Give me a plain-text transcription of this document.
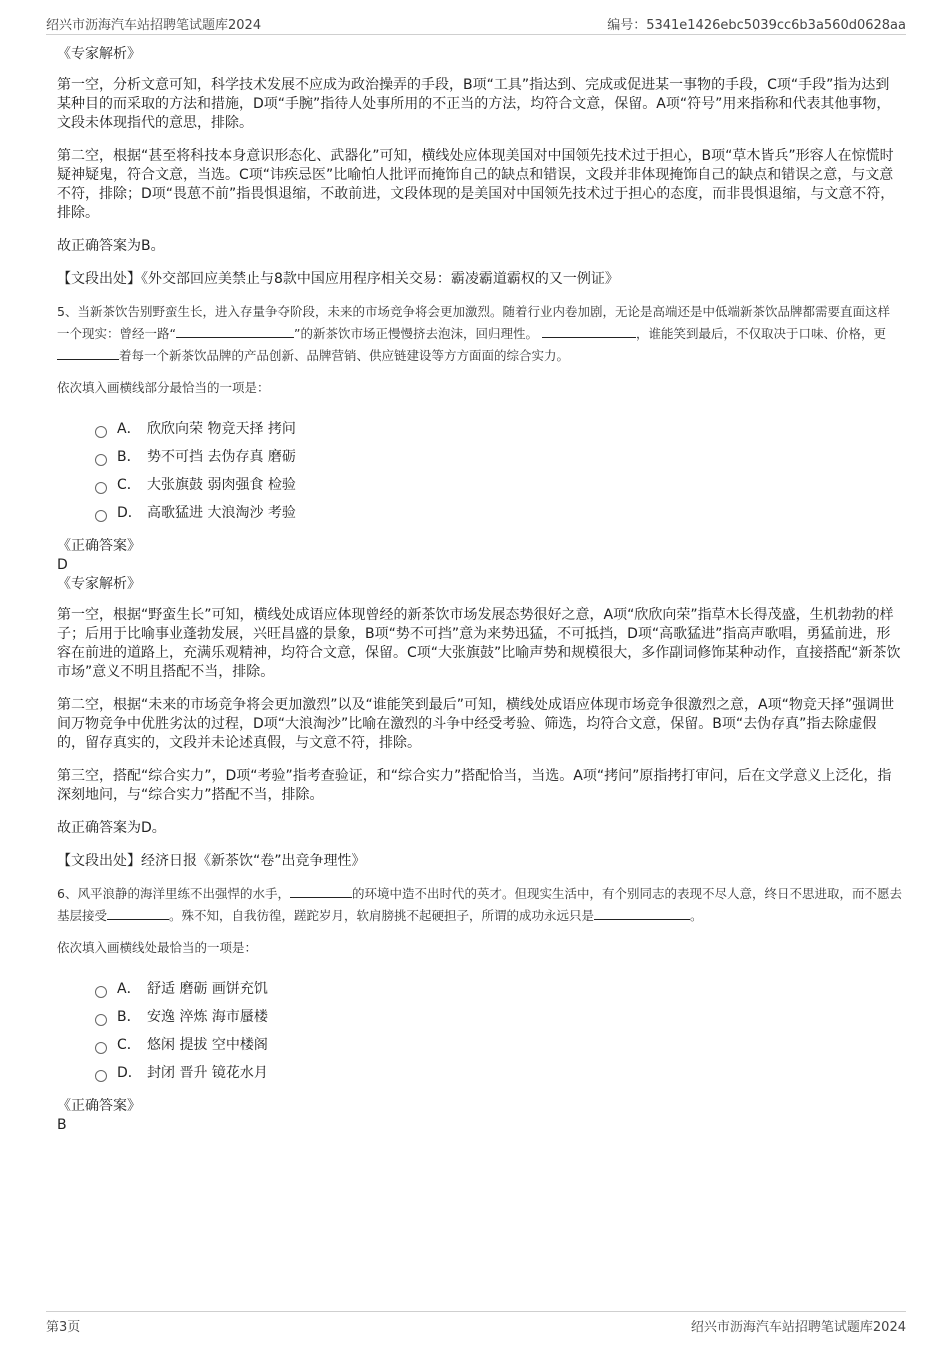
绍兴市沥海汽车站招聘笔试题库2024	编号：5341e1426ebc5039cc6b3a560d0628aa

《专家解析》

第一空，分析文意可知，科学技术发展不应成为政治操弄的手段，B项“工具”指达到、完成或促进某一事物的手段，C项“手段”指为达到某种目的而采取的方法和措施，D项“手腕”指待人处事所用的不正当的方法，均符合文意，保留。A项“符号”用来指称和代表其他事物，文段未体现指代的意思，排除。

第二空，根据“甚至将科技本身意识形态化、武器化”可知，横线处应体现美国对中国领先技术过于担心，B项“草木皆兵”形容人在惊慌时疑神疑鬼，符合文意，当选。C项“讳疾忌医”比喻怕人批评而掩饰自己的缺点和错误，文段并非体现掩饰自己的缺点和错误之意，与文意不符，排除；D项“畏葸不前”指畏惧退缩，不敢前进，文段体现的是美国对中国领先技术过于担心的态度，而非畏惧退缩，与文意不符，排除。

故正确答案为B。

【文段出处】《外交部回应美禁止与8款中国应用程序相关交易：霸凌霸道霸权的又一例证》

5、当新茶饮告别野蛮生长，进入存量争夺阶段，未来的市场竞争将会更加激烈。随着行业内卷加剧，无论是高端还是中低端新茶饮品牌都需要直面这样一个现实：曾经一路“	”的新茶饮市场正慢慢挤去泡沫，回归理性。	，谁能笑到最后，不仅取决于口味、价格，更着每一个新茶饮品牌的产品创新、品牌营销、供应链建设等方方面面的综合实力。

依次填入画横线部分最恰当的一项是：

A． 欣欣向荣 物竞天择 拷问
B． 势不可挡 去伪存真 磨砺
C． 大张旗鼓 弱肉强食 检验
D． 高歌猛进 大浪淘沙 考验

《正确答案》

D

《专家解析》

第一空，根据“野蛮生长”可知，横线处成语应体现曾经的新茶饮市场发展态势很好之意，A项“欣欣向荣”指草木长得茂盛，生机勃勃的样子；后用于比喻事业蓬勃发展，兴旺昌盛的景象，B项“势不可挡”意为来势迅猛，不可抵挡，D项“高歌猛进”指高声歌唱，勇猛前进，形容在前进的道路上，充满乐观精神，均符合文意，保留。C项“大张旗鼓”比喻声势和规模很大，多作副词修饰某种动作，直接搭配“新茶饮市场”意义不明且搭配不当，排除。

第二空，根据“未来的市场竞争将会更加激烈”以及“谁能笑到最后”可知，横线处成语应体现市场竞争很激烈之意，A项“物竞天择”强调世间万物竞争中优胜劣汰的过程，D项“大浪淘沙”比喻在激烈的斗争中经受考验、筛选，均符合文意，保留。B项“去伪存真”指去除虚假的，留存真实的，文段并未论述真假，与文意不符，排除。

第三空，搭配“综合实力”，D项“考验”指考查验证，和“综合实力”搭配恰当，当选。A项“拷问”原指拷打审问，后在文学意义上泛化，指深刻地问，与“综合实力”搭配不当，排除。

故正确答案为D。

【文段出处】经济日报《新茶饮“卷”出竞争理性》

6、风平浪静的海洋里练不出强悍的水手，	的环境中造不出时代的英才。但现实生活中，有个别同志的表现不尽人意，终日不思进取，而不愿去基层接受	。殊不知，自我彷徨，蹉跎岁月，软肩膀挑不起硬担子，所谓的成功永远只是	。

依次填入画横线处最恰当的一项是：

A． 舒适 磨砺 画饼充饥
B． 安逸 淬炼 海市蜃楼
C． 悠闲 提拔 空中楼阁
D． 封闭 晋升 镜花水月

《正确答案》

B

第3页	绍兴市沥海汽车站招聘笔试题库2024
